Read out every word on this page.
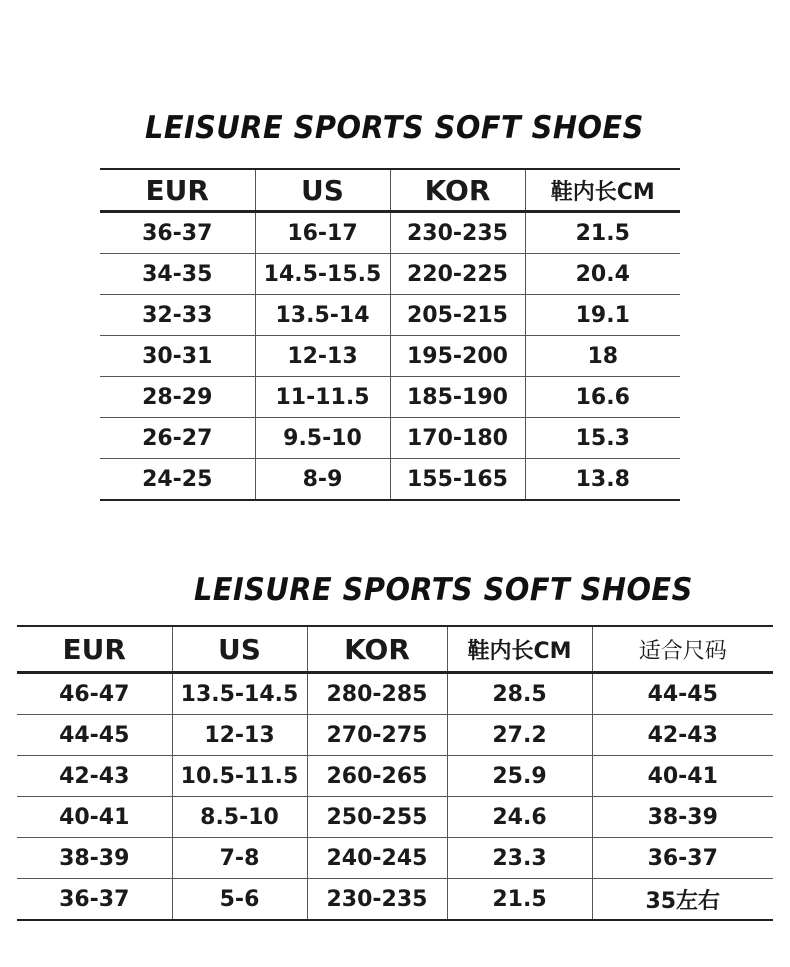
LEISURE SPORTS SOFT SHOES
EUR	US	KOR	鞋内长CM
36-37	16-17	230-235	21.5
34-35	14.5-15.5	220-225	20.4
32-33	13.5-14	205-215	19.1
30-31	12-13	195-200	18
28-29	11-11.5	185-190	16.6
26-27	9.5-10	170-180	15.3
24-25	8-9	155-165	13.8
LEISURE SPORTS SOFT SHOES
EUR	US	KOR	鞋内长CM	适合尺码
46-47	13.5-14.5	280-285	28.5	44-45
44-45	12-13	270-275	27.2	42-43
42-43	10.5-11.5	260-265	25.9	40-41
40-41	8.5-10	250-255	24.6	38-39
38-39	7-8	240-245	23.3	36-37
36-37	5-6	230-235	21.5	35左右
